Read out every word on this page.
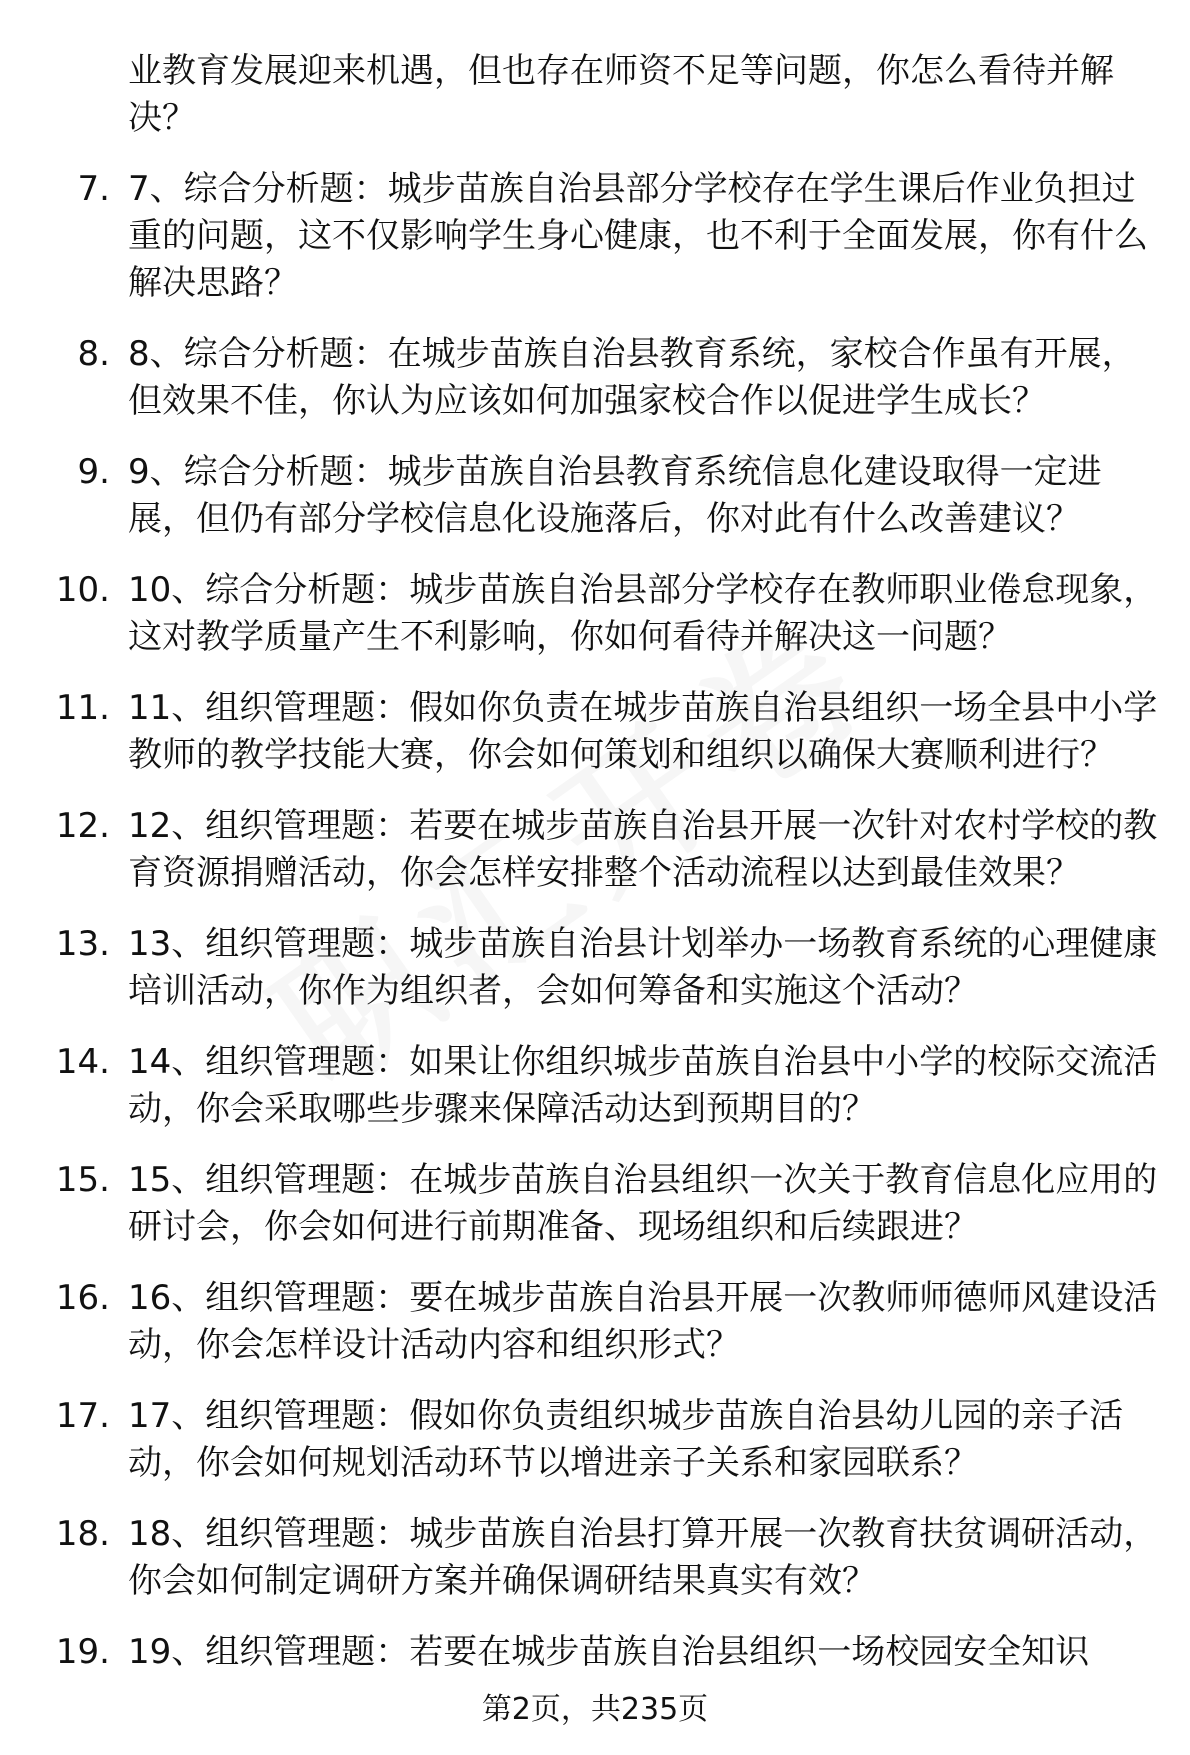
业教育发展迎来机遇，但也存在师资不足等问题，你怎么看待并解决？
7. 7、综合分析题：城步苗族自治县部分学校存在学生课后作业负担过重的问题，这不仅影响学生身心健康，也不利于全面发展，你有什么解决思路？
8. 8、综合分析题：在城步苗族自治县教育系统，家校合作虽有开展，但效果不佳，你认为应该如何加强家校合作以促进学生成长？
9. 9、综合分析题：城步苗族自治县教育系统信息化建设取得一定进展，但仍有部分学校信息化设施落后，你对此有什么改善建议？
10. 10、综合分析题：城步苗族自治县部分学校存在教师职业倦怠现象，这对教学质量产生不利影响，你如何看待并解决这一问题？
11. 11、组织管理题：假如你负责在城步苗族自治县组织一场全县中小学教师的教学技能大赛，你会如何策划和组织以确保大赛顺利进行？
12. 12、组织管理题：若要在城步苗族自治县开展一次针对农村学校的教育资源捐赠活动，你会怎样安排整个活动流程以达到最佳效果？
13. 13、组织管理题：城步苗族自治县计划举办一场教育系统的心理健康培训活动，你作为组织者，会如何筹备和实施这个活动？
14. 14、组织管理题：如果让你组织城步苗族自治县中小学的校际交流活动，你会采取哪些步骤来保障活动达到预期目的？
15. 15、组织管理题：在城步苗族自治县组织一次关于教育信息化应用的研讨会，你会如何进行前期准备、现场组织和后续跟进？
16. 16、组织管理题：要在城步苗族自治县开展一次教师师德师风建设活动，你会怎样设计活动内容和组织形式？
17. 17、组织管理题：假如你负责组织城步苗族自治县幼儿园的亲子活动，你会如何规划活动环节以增进亲子关系和家园联系？
18. 18、组织管理题：城步苗族自治县打算开展一次教育扶贫调研活动，你会如何制定调研方案并确保调研结果真实有效？
19. 19、组织管理题：若要在城步苗族自治县组织一场校园安全知识
第2页，共235页
